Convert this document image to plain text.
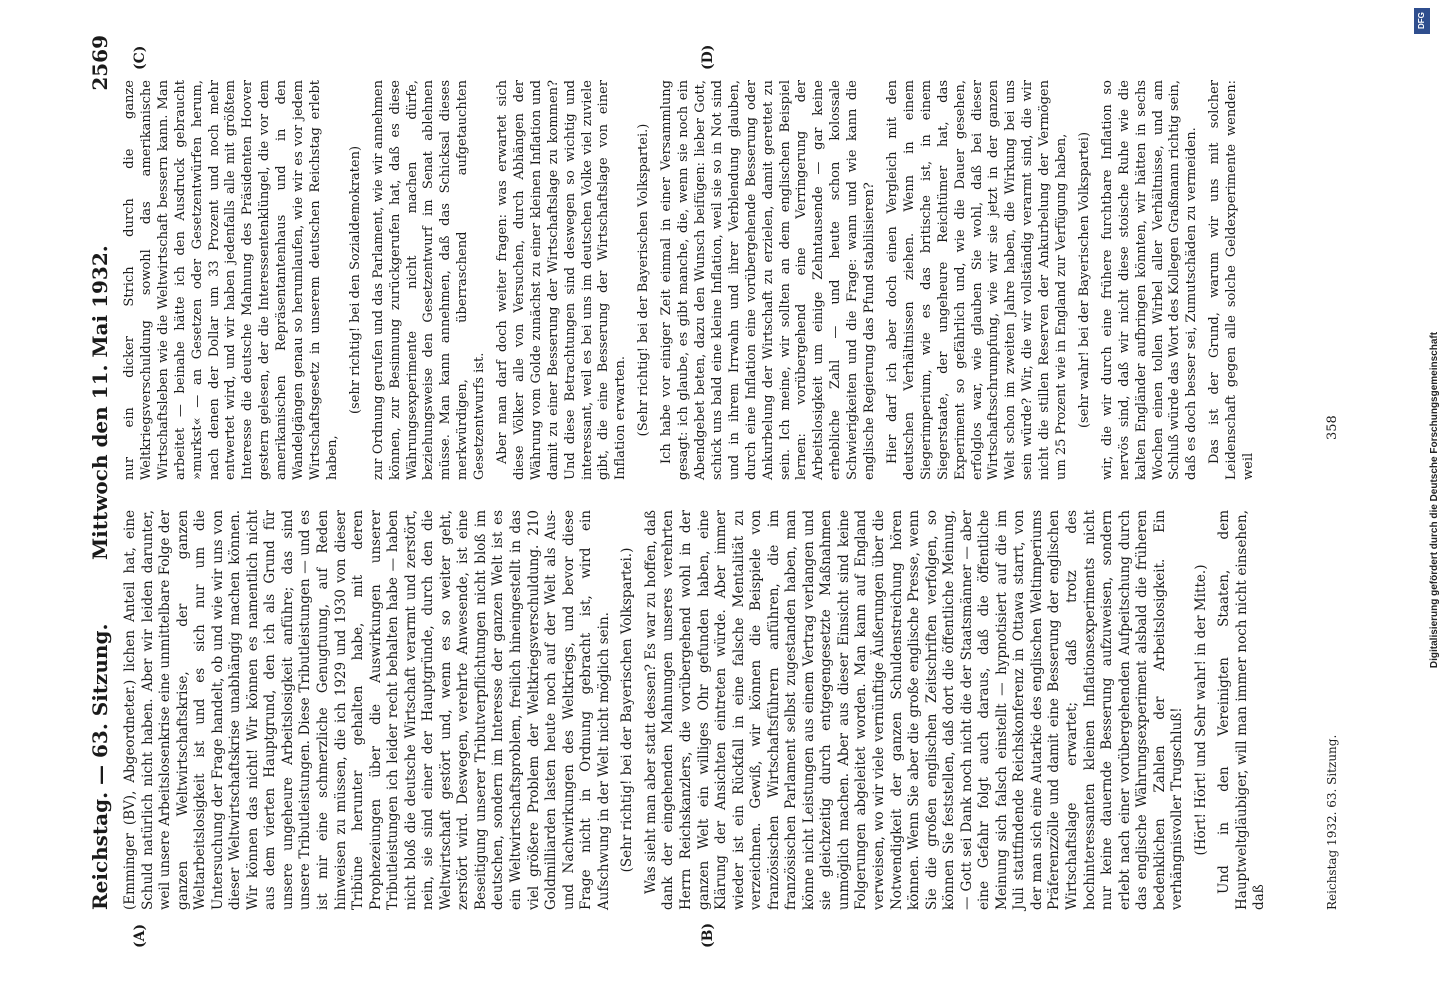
Reichstag. — 63. Sitzung.
Mittwoch den 11. Mai 1932.
2569
(A)	(B)
(C)	(D)

(Emminger (BV), Abgeordneter.) lichen Anteil hat, eine Schuld natürlich nicht haben. Aber wir leiden darunter, weil unsere Arbeitslosenkrise eine unmittelbare Folge der ganzen Weltwirtschaftskrise, der ganzen Weltarbeitslosigkeit ist und es sich nur um die Untersuchung der Frage handelt, ob und wie wir uns von dieser Weltwirtschaftskrise unabhängig machen können. Wir können das nicht! Wir können es namentlich nicht aus dem vierten Hauptgrund, den ich als Grund für unsere ungeheure Arbeitslosigkeit anführe; das sind unsere Tributleistungen. Diese Tributleistungen — und es ist mir eine schmerzliche Genugtuung, auf Reden hinweisen zu müssen, die ich 1929 und 1930 von dieser Tribüne herunter gehalten habe, mit deren Prophezeiungen über die Auswirkungen unserer Tributleistungen ich leider recht behalten habe — haben nicht bloß die deutsche Wirtschaft verarmt und zerstört, nein, sie sind einer der Hauptgründe, durch den die Weltwirtschaft gestört und, wenn es so weiter geht, zerstört wird. Deswegen, verehrte Anwesende, ist eine Beseitigung unserer Tributverpflichtungen nicht bloß im deutschen, sondern im Interesse der ganzen Welt ist es ein Weltwirtschaftsproblem, freilich hineingestellt in das viel größere Problem der Weltkriegsverschuldung. 210 Goldmilliarden lasten heute noch auf der Welt als Aus- und Nachwirkungen des Weltkriegs, und bevor diese Frage nicht in Ordnung gebracht ist, wird ein Aufschwung in der Welt nicht möglich sein. (Sehr richtig! bei der Bayerischen Volkspartei.) Was sieht man aber statt dessen? Es war zu hoffen, daß dank der eingehenden Mahnungen unseres verehrten Herrn Reichskanzlers, die vorübergehend wohl in der ganzen Welt ein williges Ohr gefunden haben, eine Klärung der Ansichten eintreten würde. Aber immer wieder ist ein Rückfall in eine falsche Mentalität zu verzeichnen. Gewiß, wir können die Beispiele von französischen Wirtschaftsführern anführen, die im französischen Parlament selbst zugestanden haben, man könne nicht Leistungen aus einem Vertrag verlangen und sie gleichzeitig durch entgegengesetzte Maßnahmen unmöglich machen. Aber aus dieser Einsicht sind keine Folgerungen abgeleitet worden. Man kann auf England verweisen, wo wir viele vernünftige Äußerungen über die Notwendigkeit der ganzen Schuldenstreichung hören können. Wenn Sie aber die große englische Presse, wenn Sie die großen englischen Zeitschriften verfolgen, so können Sie feststellen, daß dort die öffentliche Meinung, — Gott sei Dank noch nicht die der Staatsmänner — aber eine Gefahr folgt auch daraus, daß die öffentliche Meinung sich falsch einstellt — hypnotisiert auf die im Juli stattfindende Reichskonferenz in Ottawa starrt, von der man sich eine Autarkie des englischen Weltimperiums Präferenzzölle und damit eine Besserung der englischen Wirtschaftslage erwartet; daß trotz des hochinteressanten kleinen Inflationsexperiments nicht nur keine dauernde Besserung aufzuweisen, sondern erlebt nach einer vorübergehenden Aufpeitschung durch das englische Währungsexperiment alsbald die früheren bedenklichen Zahlen der Arbeitslosigkeit. Ein verhängnisvoller Trugschluß! (Hört! Hört! und Sehr wahr! in der Mitte.) Und in den Vereinigten Staaten, dem Hauptweltgläubiger, will man immer noch nicht einsehen, daß

nur ein dicker Strich durch die ganze Weltkriegsverschuldung sowohl das amerikanische Wirtschaftsleben wie die Weltwirtschaft bessern kann. Man arbeitet — beinahe hätte ich den Ausdruck gebraucht »murkst« — an Gesetzen oder Gesetzentwürfen herum, nach denen der Dollar um 33 Prozent und noch mehr entwertet wird, und wir haben jedenfalls alle mit größtem Interesse die deutsche Mahnung des Präsidenten Hoover gestern gelesen, der die Interessentenklüngel, die vor dem amerikanischen Repräsentantenhaus und in den Wandelgängen genau so herumlaufen, wie wir es vor jedem Wirtschaftsgesetz in unserem deutschen Reichstag erlebt haben,

(sehr richtig! bei den Sozialdemokraten) zur Ordnung gerufen und das Parlament, wie wir annehmen können, zur Besinnung zurückgerufen hat, daß es diese Währungsexperimente nicht machen dürfe, beziehungsweise den Gesetzentwurf im Senat ablehnen müsse. Man kann annehmen, daß das Schicksal dieses merkwürdigen, überraschend aufgetauchten Gesetzentwurfs ist. Aber man darf doch weiter fragen: was erwartet sich diese Völker alle von Versuchen, durch Abhängen der Währung vom Golde zunächst zu einer kleinen Inflation und damit zu einer Besserung der Wirtschaftslage zu kommen? Und diese Betrachtungen sind deswegen so wichtig und interessant, weil es bei uns im deutschen Volke viel zuviele gibt, die eine Besserung der Wirtschaftslage von einer Inflation erwarten. (Sehr richtig! bei der Bayerischen Volkspartei.) Ich habe vor einiger Zeit einmal in einer Versammlung gesagt: ich glaube, es gibt manche, die, wenn sie noch ein Abendgebet beten, dazu den Wunsch beifügen: lieber Gott, schick uns bald eine kleine Inflation, weil sie so in Not sind und in ihrem Irrwahn und ihrer Verblendung glauben, durch eine Inflation eine vorübergehende Besserung oder Ankurbelung der Wirtschaft zu erzielen, damit gerettet zu sein. Ich meine, wir sollten an dem englischen Beispiel lernen: vorübergehend eine Verringerung der Arbeitslosigkeit um einige Zehntausende — gar keine erhebliche Zahl — und heute schon kolossale Schwierigkeiten und die Frage: wann und wie kann die englische Regierung das Pfund stabilisieren? Hier darf ich aber doch einen Vergleich mit den deutschen Verhältnissen ziehen. Wenn in einem Siegerimperium, wie es das britische ist, in einem Siegerstaate, der ungeheure Reichtümer hat, das Experiment so gefährlich und, wie die Dauer gesehen, erfolglos war, wie glauben Sie wohl, daß bei dieser Wirtschaftsschrumpfung, wie wir sie jetzt in der ganzen Welt schon im zweiten Jahre haben, die Wirkung bei uns sein würde? Wir, die wir vollständig verarmt sind, die wir nicht die stillen Reserven der Ankurbelung der Vermögen um 25 Prozent wie in England zur Verfügung haben, (sehr wahr! bei der Bayerischen Volkspartei) wir, die wir durch eine frühere furchtbare Inflation so nervös sind, daß wir nicht diese stoische Ruhe wie die kalten Engländer aufbringen könnten, wir hätten in sechs Wochen einen tollen Wirbel aller Verhältnisse, und am Schluß würde das Wort des Kollegen Graßmann richtig sein, daß es doch besser sei, Zumutschäden zu vermeiden. Das ist der Grund, warum wir uns mit solcher Leidenschaft gegen alle solche Geldexperimente wenden: weil

Reichstag 1932. 63. Sitzung.
358
DFG
Digitalisierung gefördert durch die Deutsche Forschungsgemeinschaft
